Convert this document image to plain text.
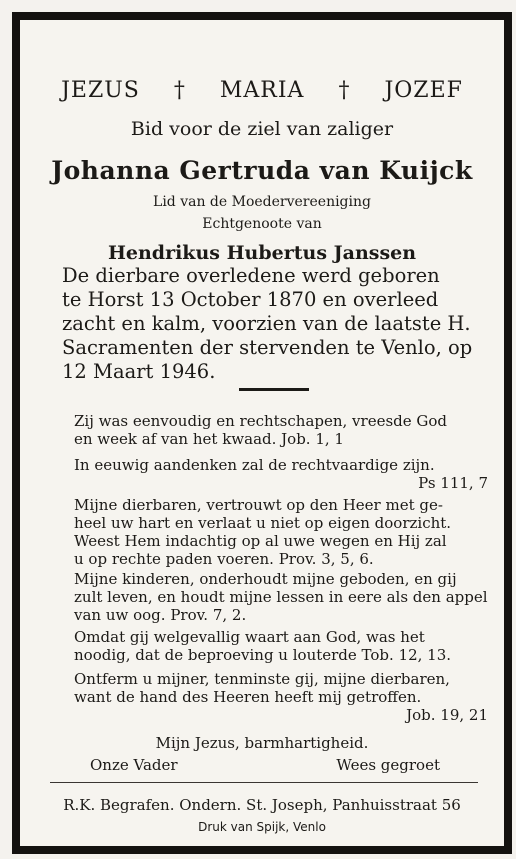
JEZUS † MARIA † JOZEF
Bid voor de ziel van zaliger
Johanna Gertruda van Kuijck
Lid van de Moedervereeniging
Echtgenoote van
Hendrikus Hubertus Janssen
De dierbare overledene werd geboren
te Horst 13 October 1870 en overleed
zacht en kalm, voorzien van de laatste H.
Sacramenten der stervenden te Venlo, op
12 Maart 1946.
Zij was eenvoudig en rechtschapen, vreesde God
en week af van het kwaad. Job. 1, 1
In eeuwig aandenken zal de rechtvaardige zijn.
Ps 111, 7
Mijne dierbaren, vertrouwt op den Heer met ge-
heel uw hart en verlaat u niet op eigen doorzicht.
Weest Hem indachtig op al uwe wegen en Hij zal
u op rechte paden voeren. Prov. 3, 5, 6.
Mijne kinderen, onderhoudt mijne geboden, en gij
zult leven, en houdt mijne lessen in eere als den appel
van uw oog. Prov. 7, 2.
Omdat gij welgevallig waart aan God, was het
noodig, dat de beproeving u louterde Tob. 12, 13.
Ontferm u mijner, tenminste gij, mijne dierbaren,
want de hand des Heeren heeft mij getroffen.
Job. 19, 21
Mijn Jezus, barmhartigheid.
Onze Vader	Wees gegroet
R.K. Begrafen. Ondern. St. Joseph, Panhuisstraat 56
Druk van Spijk, Venlo
